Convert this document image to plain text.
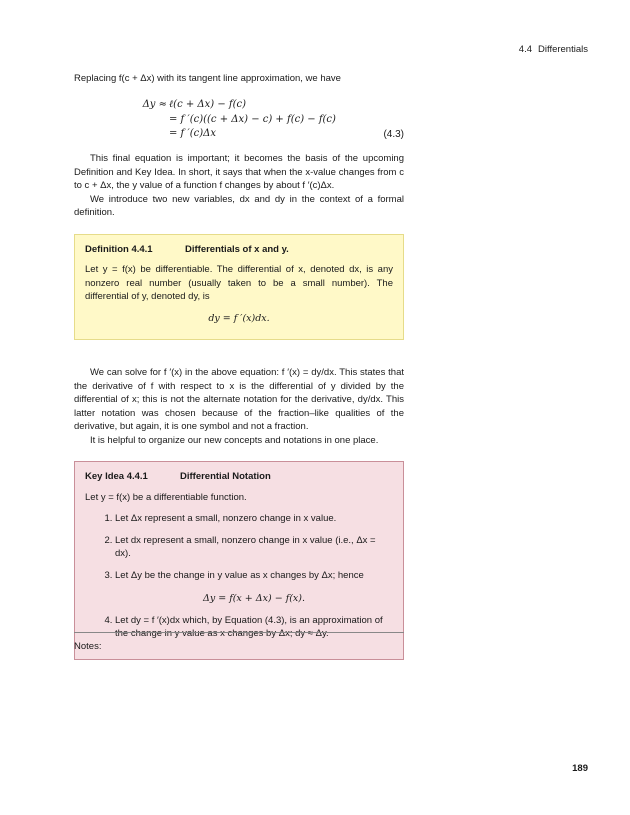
4.4 Differentials

Replacing f(c + Δx) with its tangent line approximation, we have

Δy ≈ ℓ(c + Δx) − f(c)
= f ′(c)((c + Δx) − c) + f(c) − f(c)
= f ′(c)Δx	(4.3)

This final equation is important; it becomes the basis of the upcoming Definition and Key Idea. In short, it says that when the x-value changes from c to c + Δx, the y value of a function f changes by about f ′(c)Δx.

We introduce two new variables, dx and dy in the context of a formal definition.

Definition 4.4.1	Differentials of x and y.

Let y = f(x) be differentiable. The differential of x, denoted dx, is any nonzero real number (usually taken to be a small number). The differential of y, denoted dy, is

dy = f ′(x)dx.

We can solve for f ′(x) in the above equation: f ′(x) = dy/dx. This states that the derivative of f with respect to x is the differential of y divided by the differential of x; this is not the alternate notation for the derivative, dy/dx. This latter notation was chosen because of the fraction–like qualities of the derivative, but again, it is one symbol and not a fraction.

It is helpful to organize our new concepts and notations in one place.

Key Idea 4.4.1	Differential Notation

Let y = f(x) be a differentiable function.

1. Let Δx represent a small, nonzero change in x value.
2. Let dx represent a small, nonzero change in x value (i.e., Δx = dx).
3. Let Δy be the change in y value as x changes by Δx; hence
Δy = f(x + Δx) − f(x).
4. Let dy = f ′(x)dx which, by Equation (4.3), is an approximation of the change in y value as x changes by Δx; dy ≈ Δy.
Notes:
189
